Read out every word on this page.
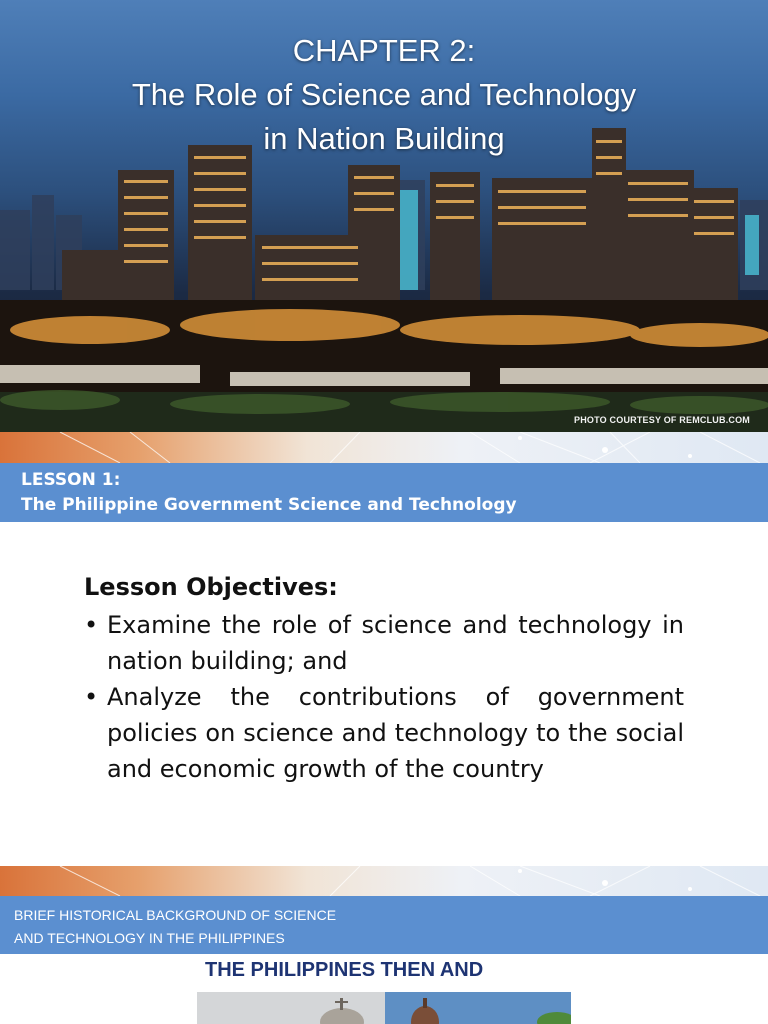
CHAPTER 2:
The Role of Science and Technology
in Nation Building
PHOTO COURTESY OF REMCLUB.COM
LESSON 1:
The Philippine Government Science and Technology
Lesson Objectives:
• Examine the role of science and technology in nation building; and
• Analyze the contributions of government policies on science and technology to the social and economic growth of the country
BRIEF HISTORICAL BACKGROUND OF SCIENCE
AND TECHNOLOGY IN THE PHILIPPINES
THE PHILIPPINES THEN AND
